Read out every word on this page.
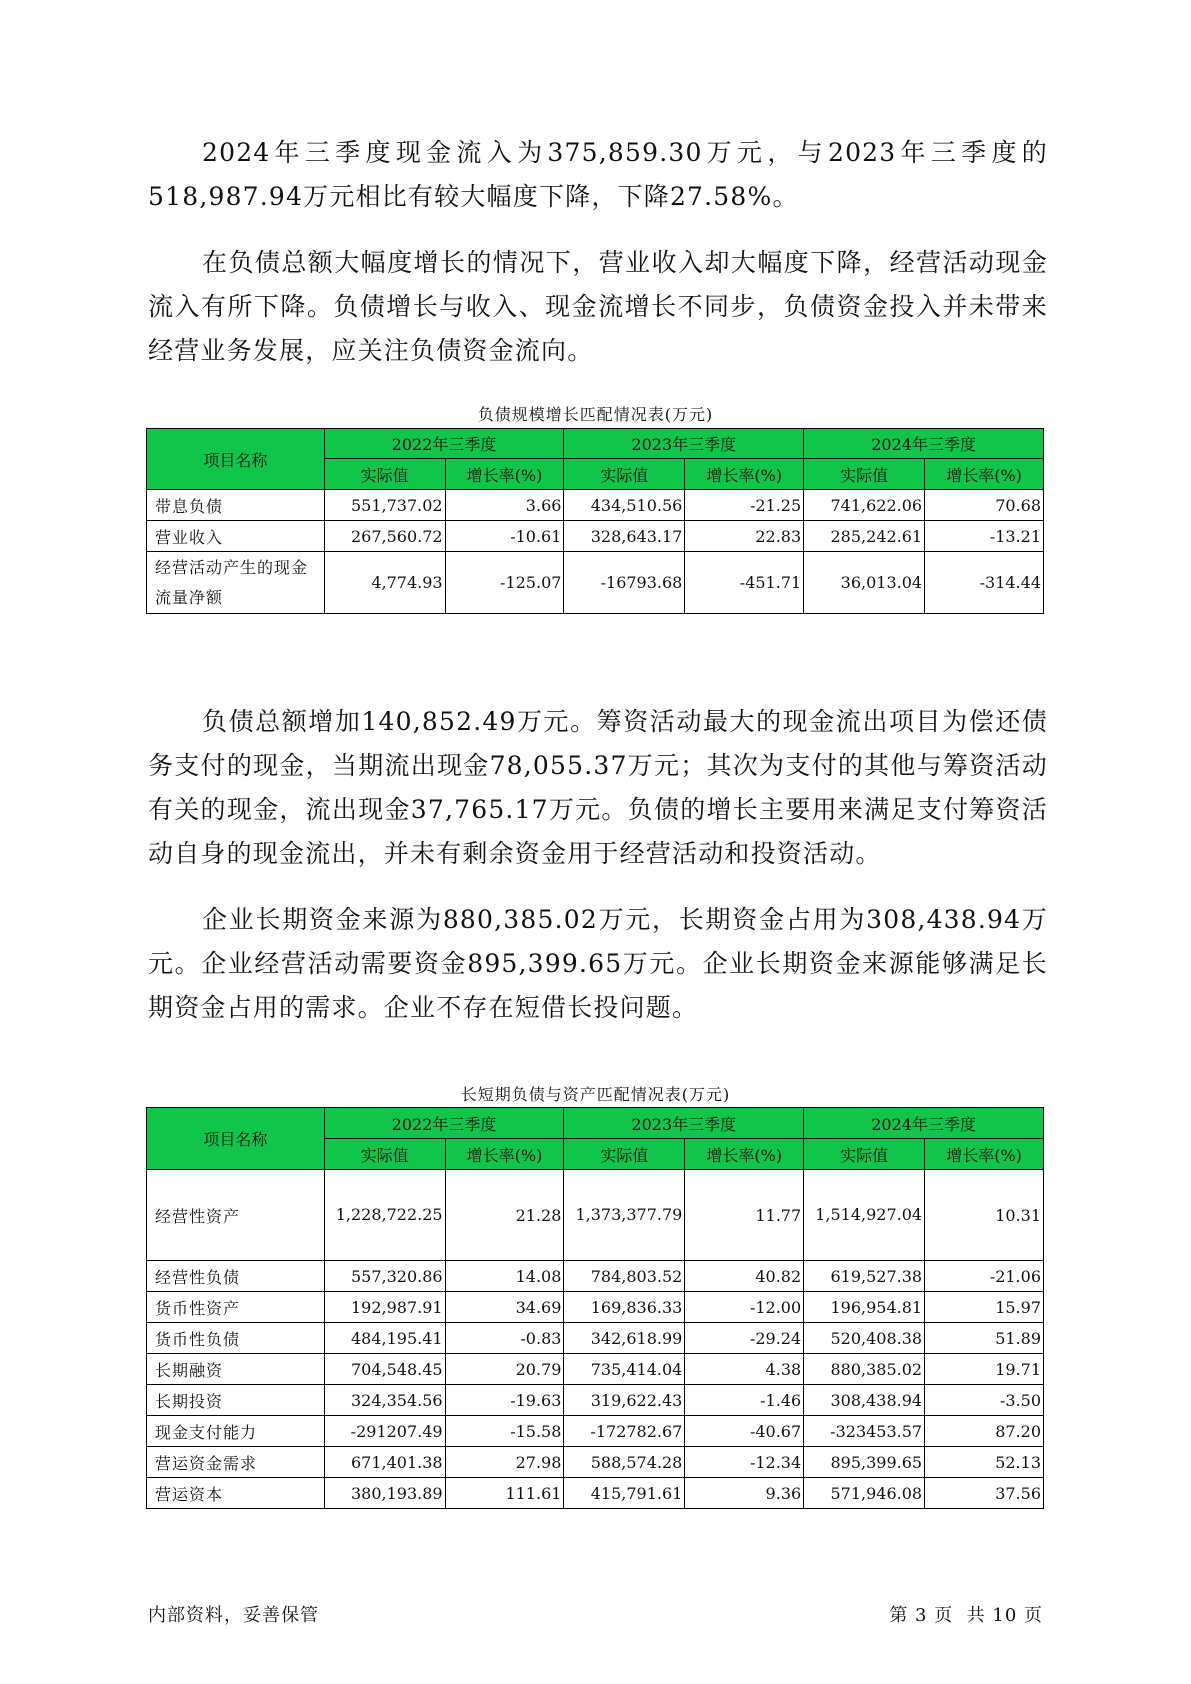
2024年三季度现金流入为375,859.30万元，与2023年三季度的518,987.94万元相比有较大幅度下降，下降27.58%。

在负债总额大幅度增长的情况下，营业收入却大幅度下降，经营活动现金流入有所下降。负债增长与收入、现金流增长不同步，负债资金投入并未带来经营业务发展，应关注负债资金流向。

负债规模增长匹配情况表(万元)
项目名称	2022年三季度		2023年三季度		2024年三季度	
	实际值	增长率(%)	实际值	增长率(%)	实际值	增长率(%)
带息负债	551,737.02	3.66	434,510.56	-21.25	741,622.06	70.68
营业收入	267,560.72	-10.61	328,643.17	22.83	285,242.61	-13.21
经营活动产生的现金流量净额	4,774.93	-125.07	-16793.68	-451.71	36,013.04	-314.44

负债总额增加140,852.49万元。筹资活动最大的现金流出项目为偿还债务支付的现金，当期流出现金78,055.37万元；其次为支付的其他与筹资活动有关的现金，流出现金37,765.17万元。负债的增长主要用来满足支付筹资活动自身的现金流出，并未有剩余资金用于经营活动和投资活动。

企业长期资金来源为880,385.02万元，长期资金占用为308,438.94万元。企业经营活动需要资金895,399.65万元。企业长期资金来源能够满足长期资金占用的需求。企业不存在短借长投问题。

长短期负债与资产匹配情况表(万元)
项目名称	2022年三季度		2023年三季度		2024年三季度	
	实际值	增长率(%)	实际值	增长率(%)	实际值	增长率(%)
经营性资产	1,228,722.25	21.28	1,373,377.79	11.77	1,514,927.04	10.31
经营性负债	557,320.86	14.08	784,803.52	40.82	619,527.38	-21.06
货币性资产	192,987.91	34.69	169,836.33	-12.00	196,954.81	15.97
货币性负债	484,195.41	-0.83	342,618.99	-29.24	520,408.38	51.89
长期融资	704,548.45	20.79	735,414.04	4.38	880,385.02	19.71
长期投资	324,354.56	-19.63	319,622.43	-1.46	308,438.94	-3.50
现金支付能力	-291207.49	-15.58	-172782.67	-40.67	-323453.57	87.20
营运资金需求	671,401.38	27.98	588,574.28	-12.34	895,399.65	52.13
营运资本	380,193.89	111.61	415,791.61	9.36	571,946.08	37.56
内部资料，妥善保管	第 3 页  共 10 页
